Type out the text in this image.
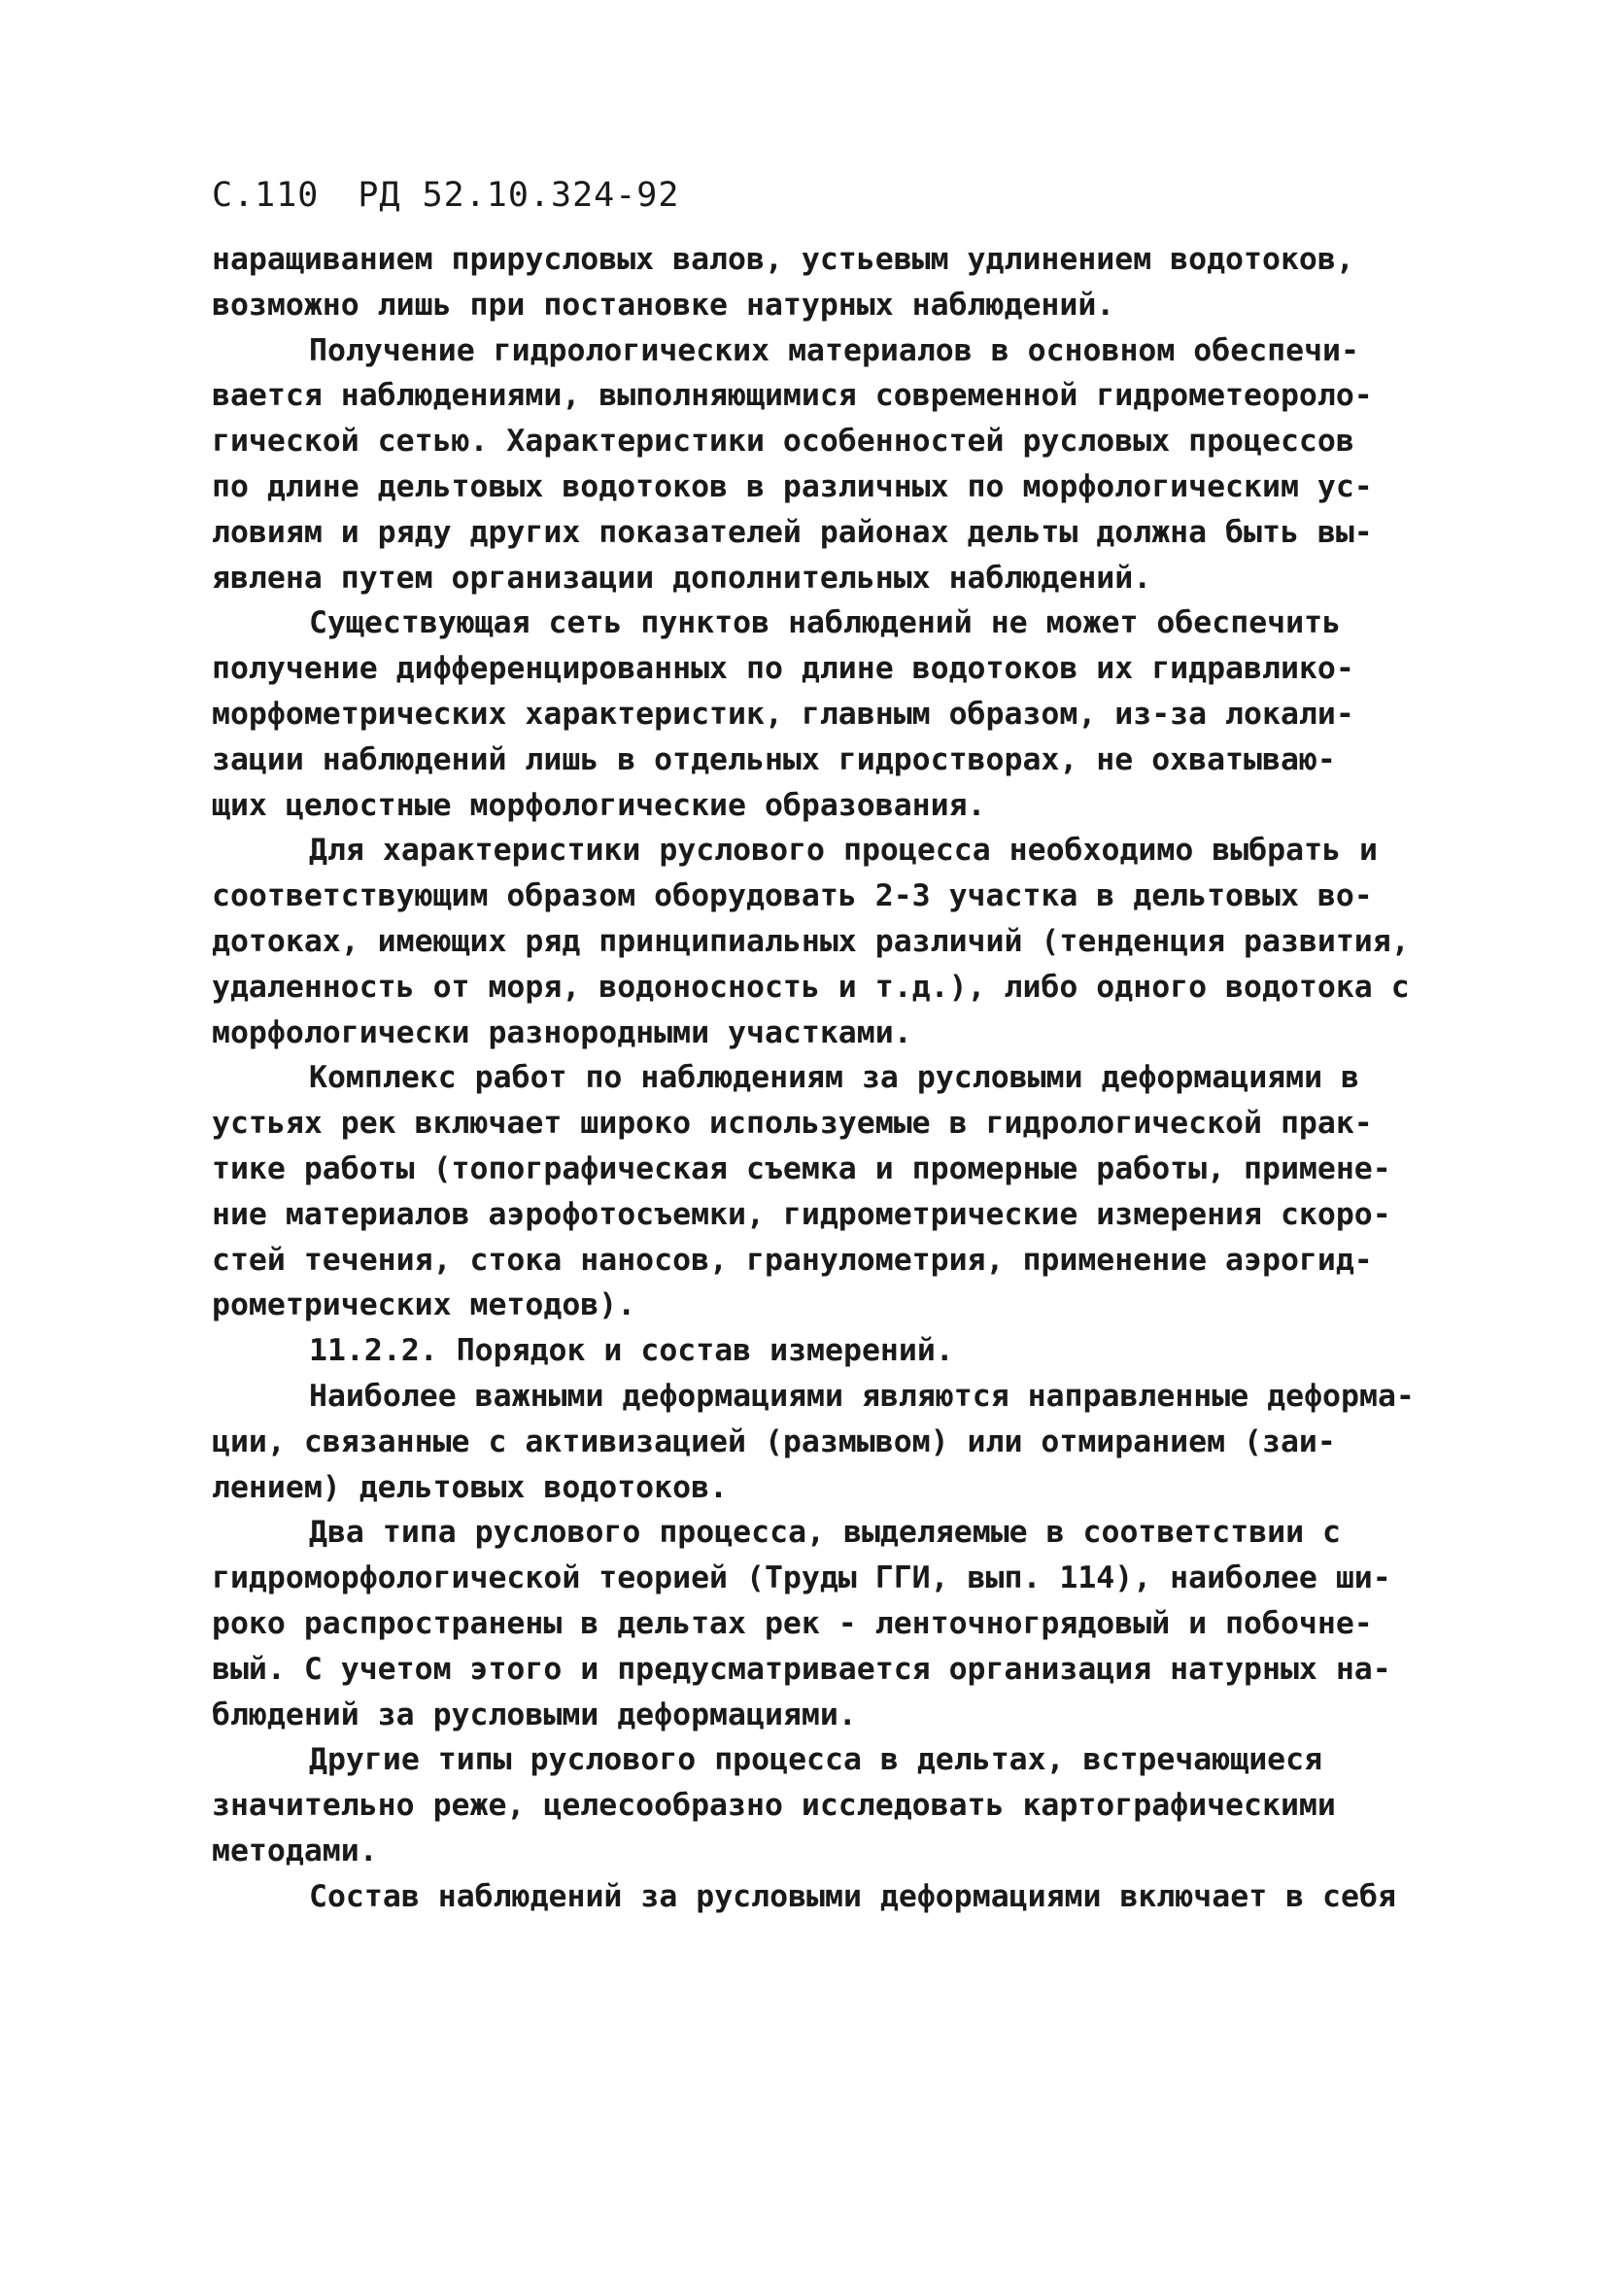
С.110 РД 52.10.324-92
наращиванием прирусловых валов, устьевым удлинением водотоков,
возможно лишь при постановке натурных наблюдений.
Получение гидрологических материалов в основном обеспечи-
вается наблюдениями, выполняющимися современной гидрометеороло-
гической сетью. Характеристики особенностей русловых процессов
по длине дельтовых водотоков в различных по морфологическим ус-
ловиям и ряду других показателей районах дельты должна быть вы-
явлена путем организации дополнительных наблюдений.
Существующая сеть пунктов наблюдений не может обеспечить
получение дифференцированных по длине водотоков их гидравлико-
морфометрических характеристик, главным образом, из-за локали-
зации наблюдений лишь в отдельных гидростворах, не охватываю-
щих целостные морфологические образования.
Для характеристики руслового процесса необходимо выбрать и
соответствующим образом оборудовать 2-3 участка в дельтовых во-
дотоках, имеющих ряд принципиальных различий (тенденция развития,
удаленность от моря, водоносность и т.д.), либо одного водотока с
морфологически разнородными участками.
Комплекс работ по наблюдениям за русловыми деформациями в
устьях рек включает широко используемые в гидрологической прак-
тике работы (топографическая съемка и промерные работы, примене-
ние материалов аэрофотосъемки, гидрометрические измерения скоро-
стей течения, стока наносов, гранулометрия, применение аэрогид-
рометрических методов).
11.2.2. Порядок и состав измерений.
Наиболее важными деформациями являются направленные деформа-
ции, связанные с активизацией (размывом) или отмиранием (заи-
лением) дельтовых водотоков.
Два типа руслового процесса, выделяемые в соответствии с
гидроморфологической теорией (Труды ГГИ, вып. 114), наиболее ши-
роко распространены в дельтах рек - ленточногрядовый и побочне-
вый. С учетом этого и предусматривается организация натурных на-
блюдений за русловыми деформациями.
Другие типы руслового процесса в дельтах, встречающиеся
значительно реже, целесообразно исследовать картографическими
методами.
Состав наблюдений за русловыми деформациями включает в себя
